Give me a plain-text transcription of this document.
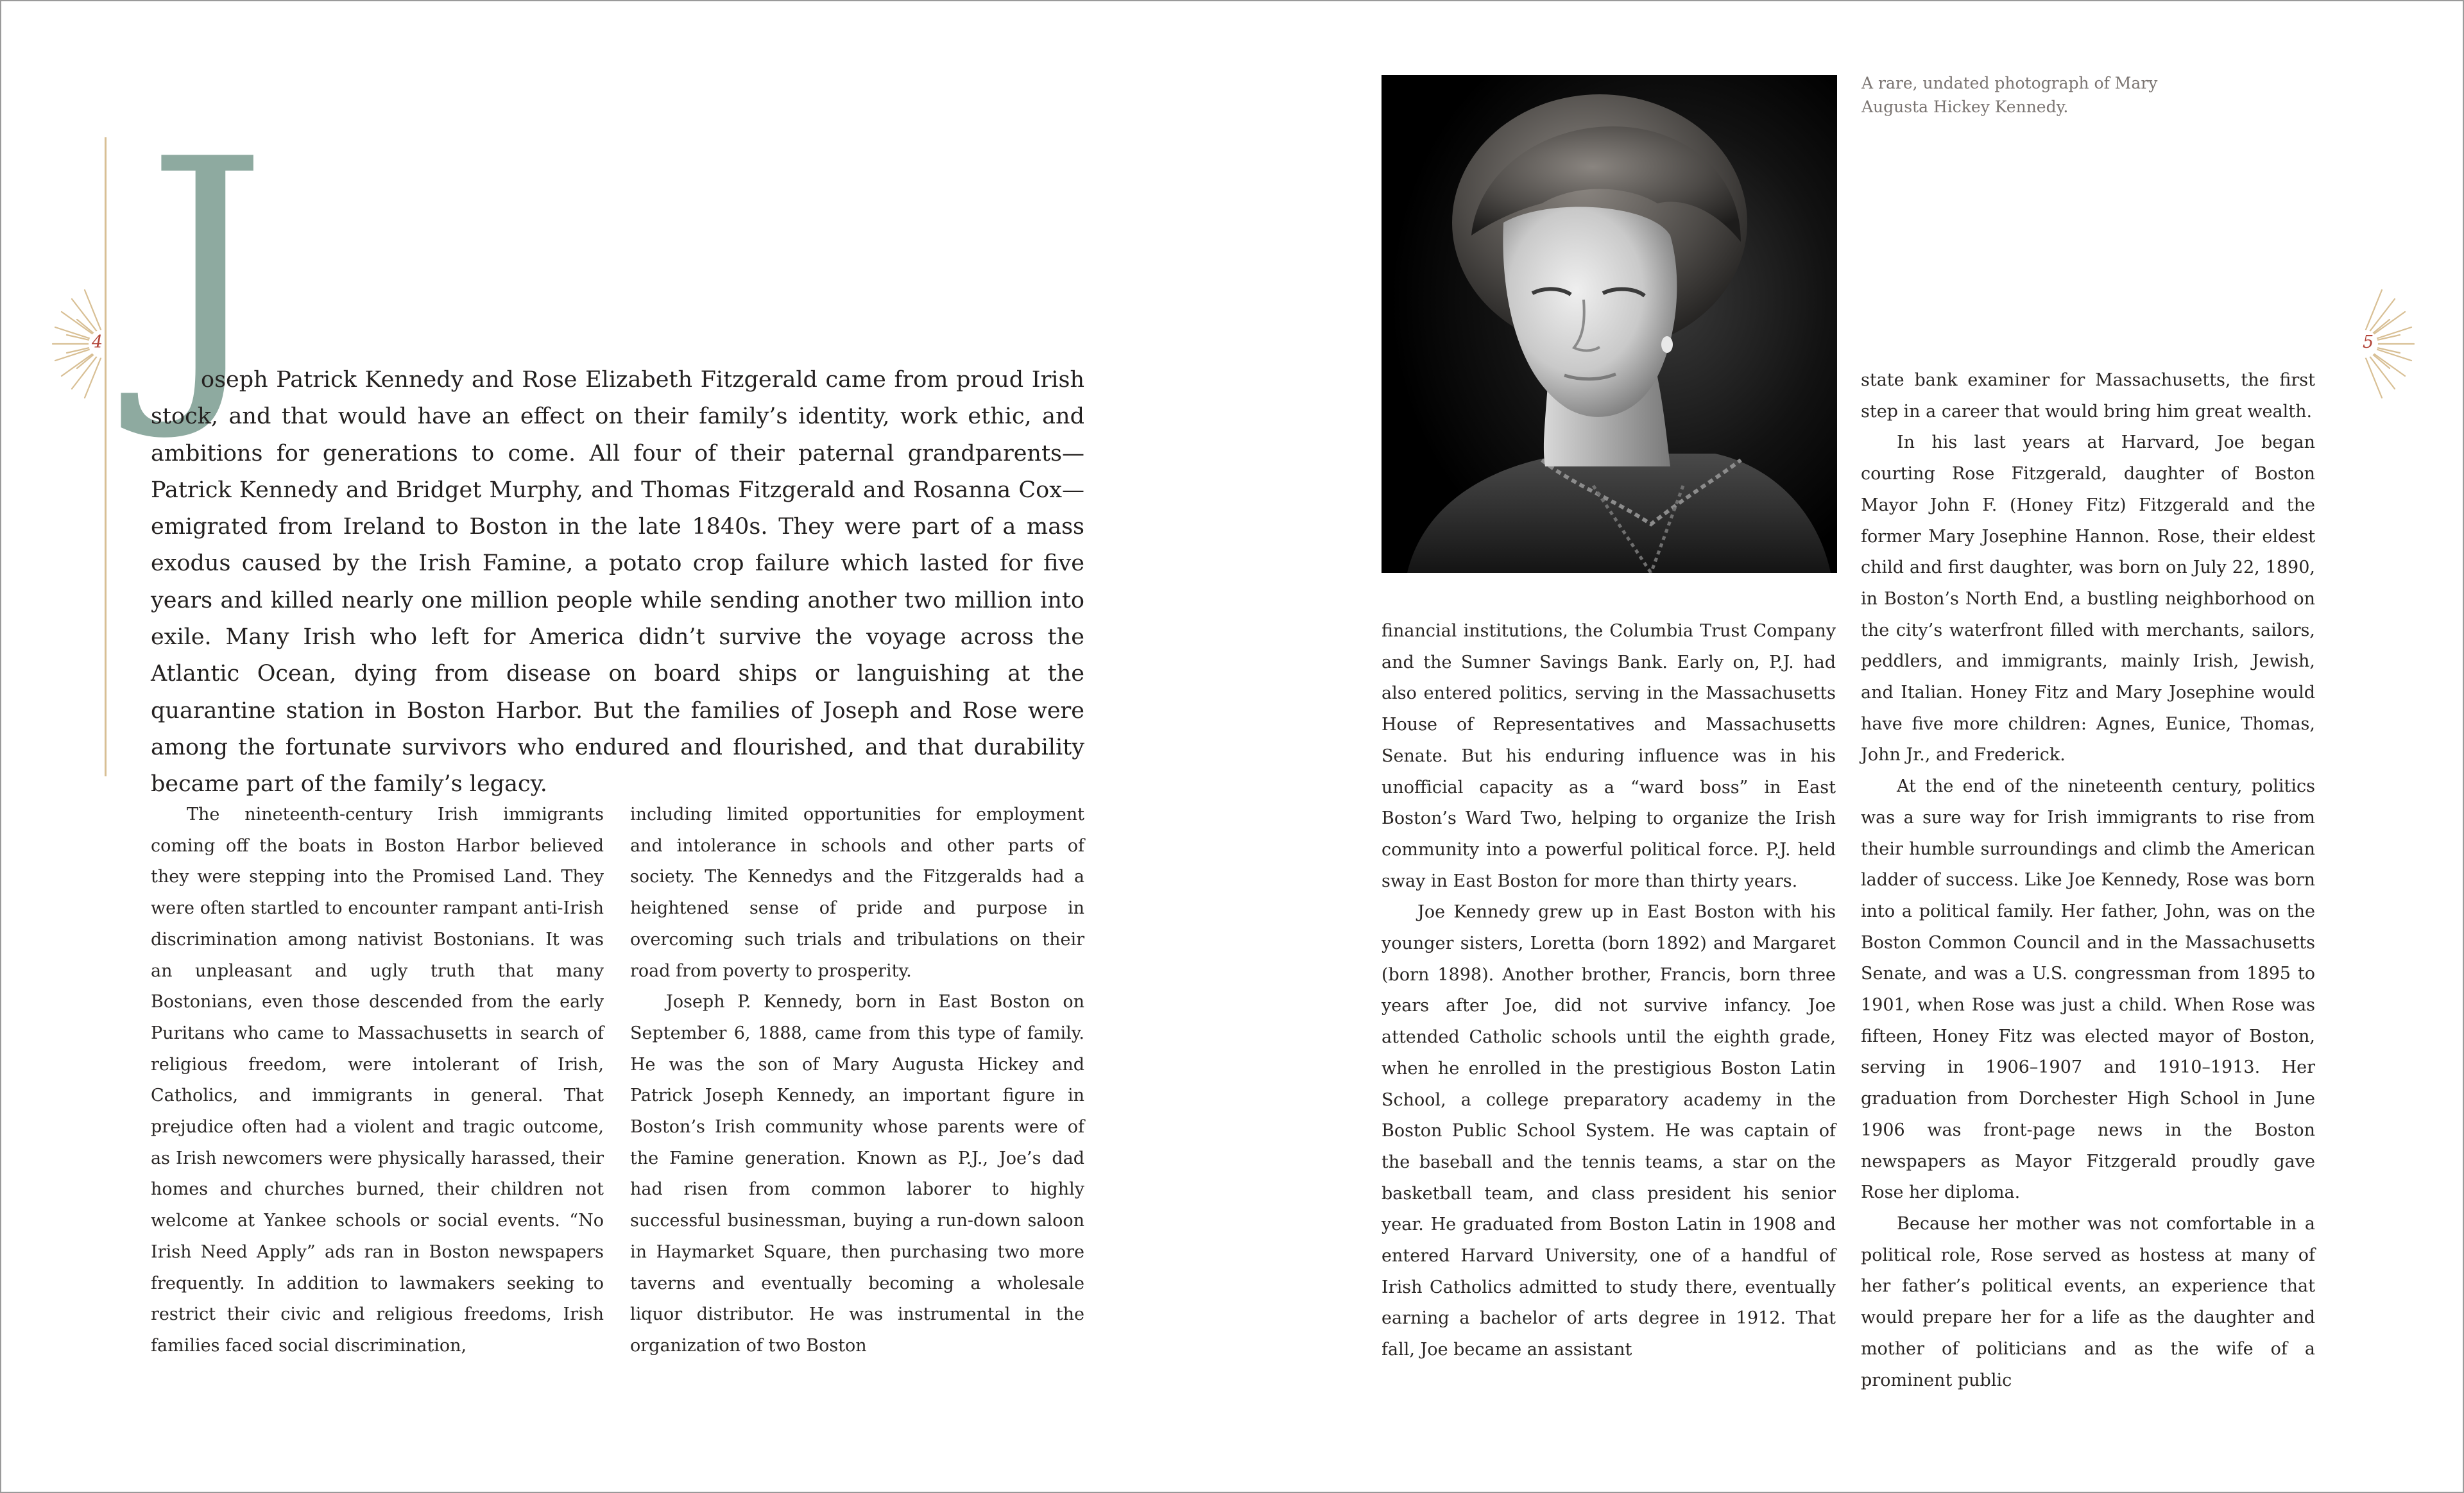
4 J

oseph Patrick Kennedy and Rose Elizabeth Fitzgerald came from proud Irish stock, and that would have an effect on their family’s identity, work ethic, and ambitions for generations to come. All four of their paternal grandparents—Patrick Kennedy and Bridget Murphy, and Thomas Fitzgerald and Rosanna Cox—emigrated from Ireland to Boston in the late 1840s. They were part of a mass exodus caused by the Irish Famine, a potato crop failure which lasted for five years and killed nearly one million people while sending another two million into exile. Many Irish who left for America didn’t survive the voyage across the Atlantic Ocean, dying from disease on board ships or languishing at the quarantine station in Boston Harbor. But the families of Joseph and Rose were among the fortunate survivors who endured and flourished, and that durability became part of the family’s legacy.

The nineteenth-century Irish immigrants coming off the boats in Boston Harbor believed they were stepping into the Promised Land. They were often startled to encounter rampant anti-Irish discrimination among nativist Bostonians. It was an unpleasant and ugly truth that many Bostonians, even those descended from the early Puritans who came to Massachusetts in search of religious freedom, were intolerant of Irish, Catholics, and immigrants in general. That prejudice often had a violent and tragic outcome, as Irish newcomers were physically harassed, their homes and churches burned, their children not welcome at Yankee schools or social events. “No Irish Need Apply” ads ran in Boston newspapers frequently. In addition to lawmakers seeking to restrict their civic and religious freedoms, Irish families faced social discrimination,

including limited opportunities for employment and intolerance in schools and other parts of society. The Kennedys and the Fitzgeralds had a heightened sense of pride and purpose in overcoming such trials and tribulations on their road from poverty to prosperity.

Joseph P. Kennedy, born in East Boston on September 6, 1888, came from this type of family. He was the son of Mary Augusta Hickey and Patrick Joseph Kennedy, an important figure in Boston’s Irish community whose parents were of the Famine generation. Known as P.J., Joe’s dad had risen from common laborer to highly successful businessman, buying a run-down saloon in Haymarket Square, then purchasing two more taverns and eventually becoming a wholesale liquor distributor. He was instrumental in the organization of two Boston

A rare, undated photograph of Mary Augusta Hickey Kennedy.

5

financial institutions, the Columbia Trust Company and the Sumner Savings Bank. Early on, P.J. had also entered politics, serving in the Massachusetts House of Representatives and Massachusetts Senate. But his enduring influence was in his unofficial capacity as a “ward boss” in East Boston’s Ward Two, helping to organize the Irish community into a powerful political force. P.J. held sway in East Boston for more than thirty years.

Joe Kennedy grew up in East Boston with his younger sisters, Loretta (born 1892) and Margaret (born 1898). Another brother, Francis, born three years after Joe, did not survive infancy. Joe attended Catholic schools until the eighth grade, when he enrolled in the prestigious Boston Latin School, a college preparatory academy in the Boston Public School System. He was captain of the baseball and the tennis teams, a star on the basketball team, and class president his senior year. He graduated from Boston Latin in 1908 and entered Harvard University, one of a handful of Irish Catholics admitted to study there, eventually earning a bachelor of arts degree in 1912. That fall, Joe became an assistant

state bank examiner for Massachusetts, the first step in a career that would bring him great wealth.

In his last years at Harvard, Joe began courting Rose Fitzgerald, daughter of Boston Mayor John F. (Honey Fitz) Fitzgerald and the former Mary Josephine Hannon. Rose, their eldest child and first daughter, was born on July 22, 1890, in Boston’s North End, a bustling neighborhood on the city’s waterfront filled with merchants, sailors, peddlers, and immigrants, mainly Irish, Jewish, and Italian. Honey Fitz and Mary Josephine would have five more children: Agnes, Eunice, Thomas, John Jr., and Frederick.

At the end of the nineteenth century, politics was a sure way for Irish immigrants to rise from their humble surroundings and climb the American ladder of success. Like Joe Kennedy, Rose was born into a political family. Her father, John, was on the Boston Common Council and in the Massachusetts Senate, and was a U.S. congressman from 1895 to 1901, when Rose was just a child. When Rose was fifteen, Honey Fitz was elected mayor of Boston, serving in 1906–1907 and 1910–1913. Her graduation from Dorchester High School in June 1906 was front-page news in the Boston newspapers as Mayor Fitzgerald proudly gave Rose her diploma.

Because her mother was not comfortable in a political role, Rose served as hostess at many of her father’s political events, an experience that would prepare her for a life as the daughter and mother of politicians and as the wife of a prominent public
